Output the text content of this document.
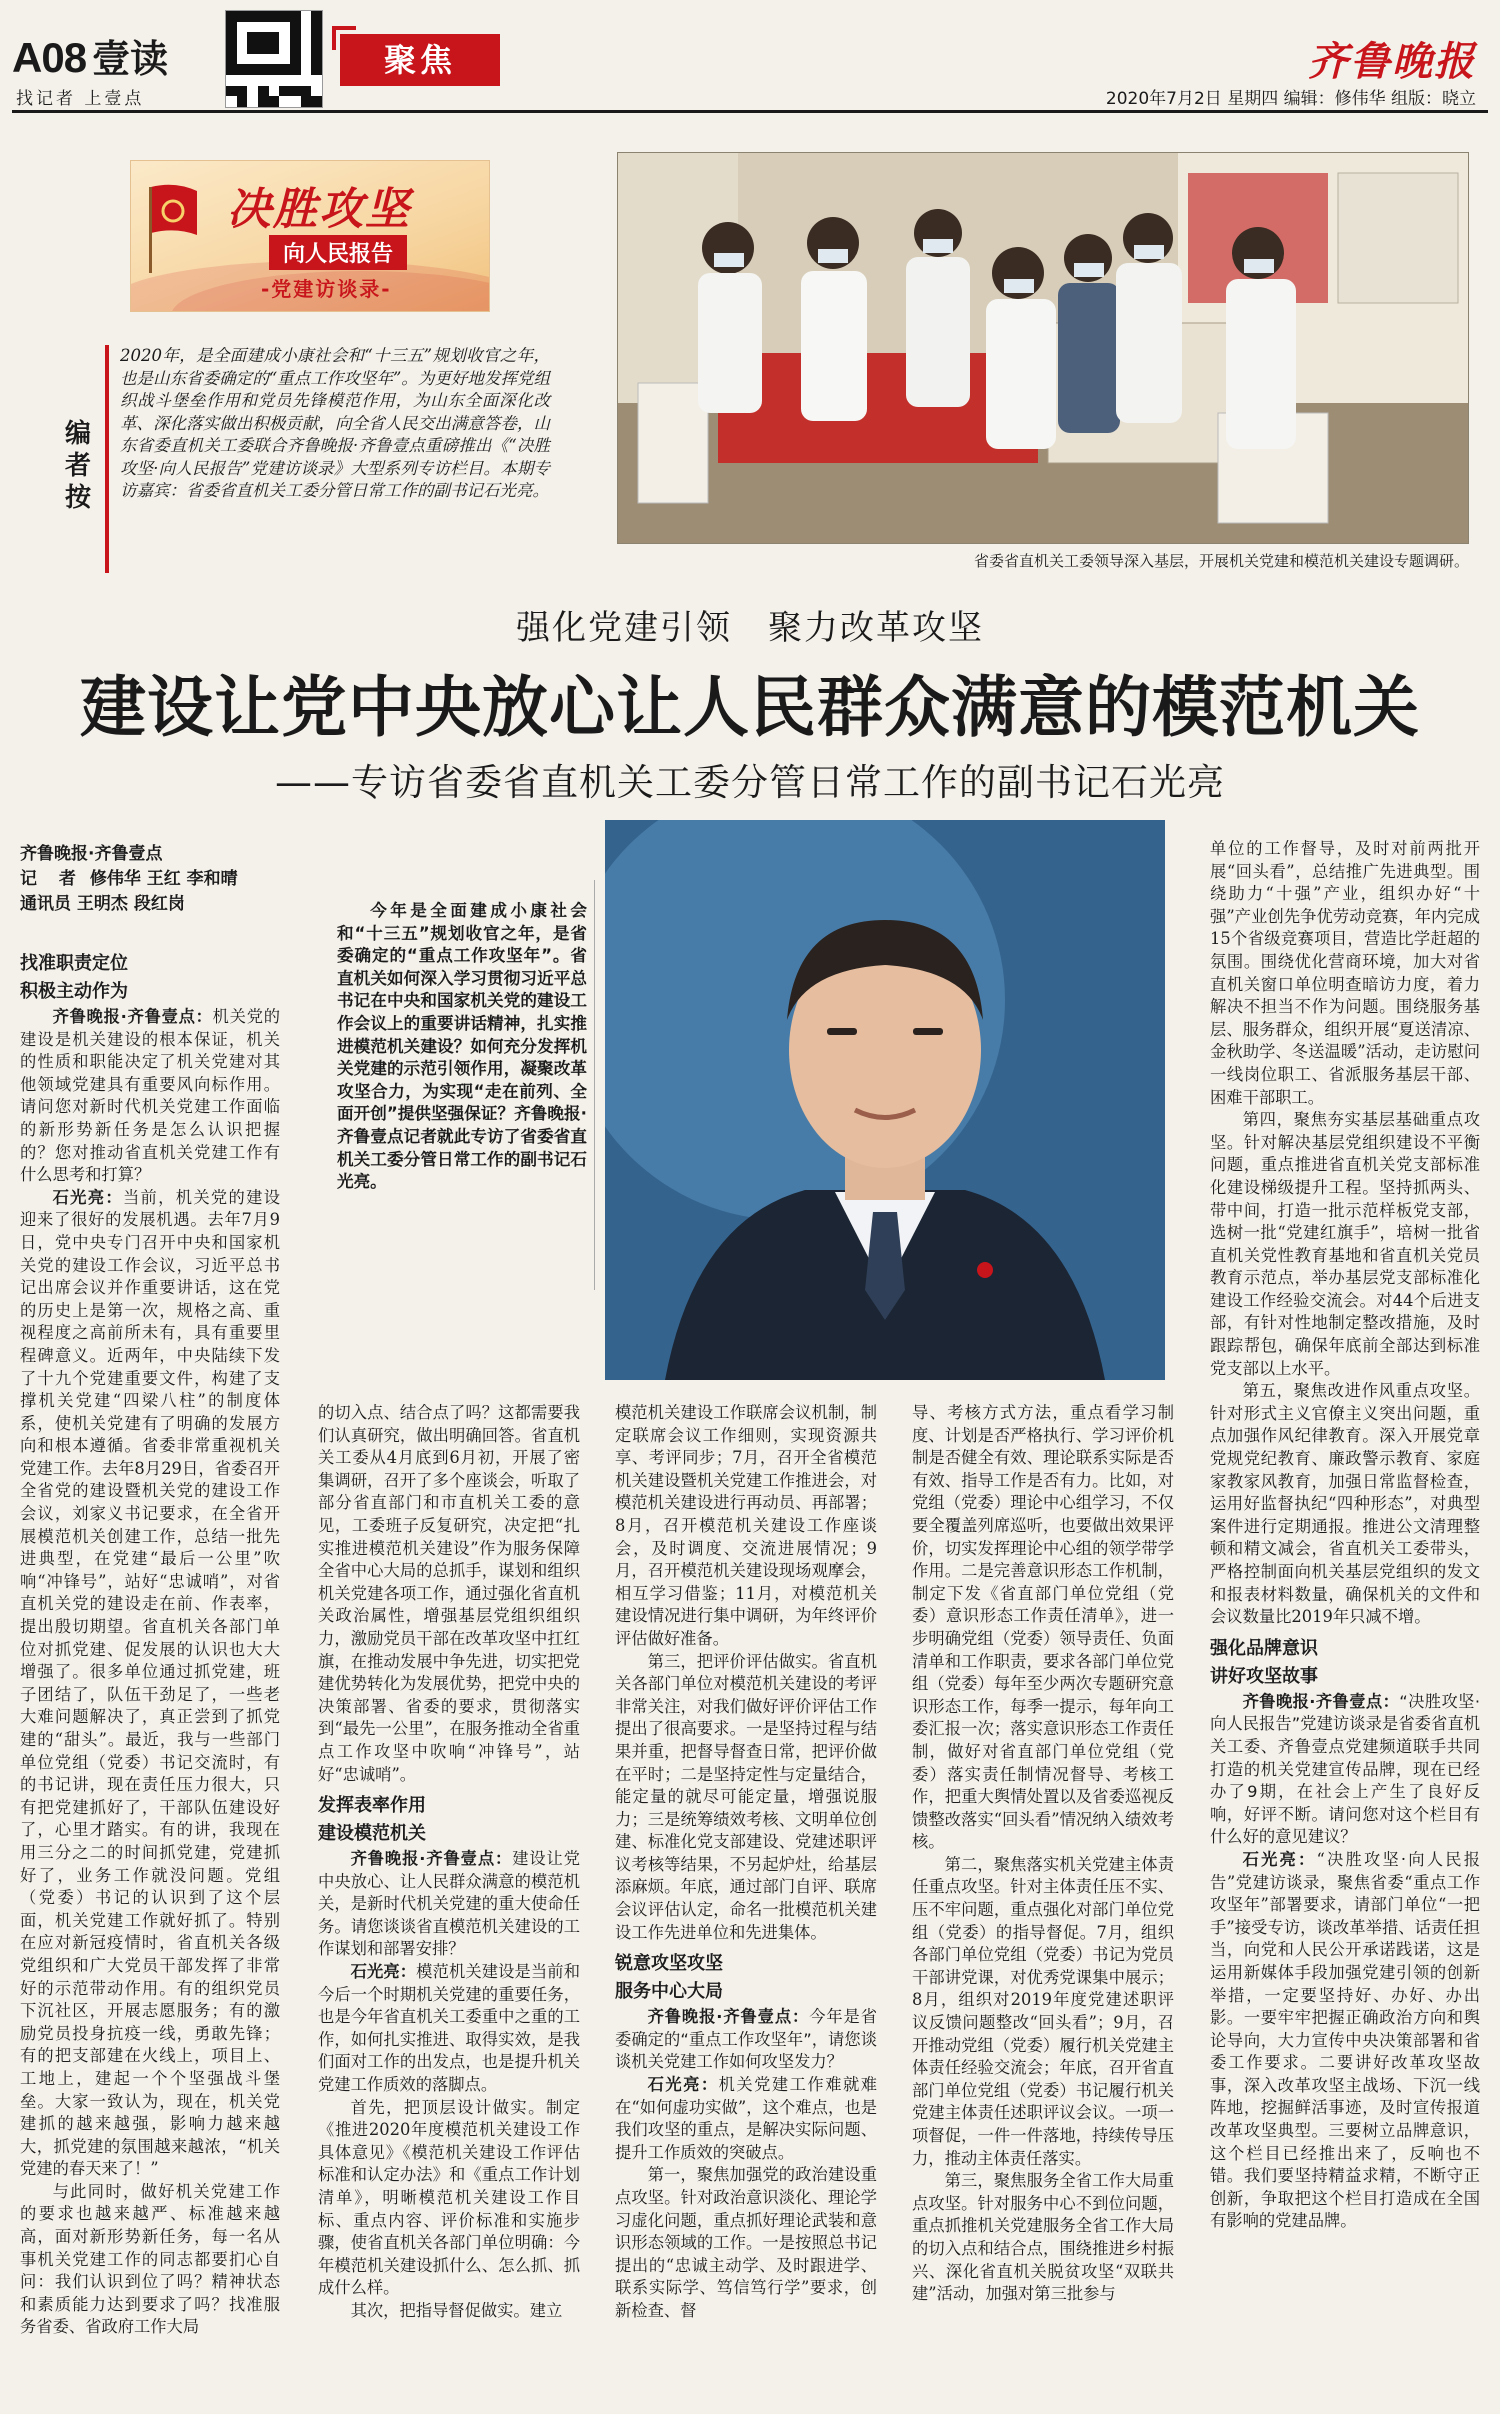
A08 壹读
找记者 上壹点
聚焦	齐鲁晚报
2020年7月2日 星期四 编辑：修伟华 组版：晓立
决胜攻坚
向人民报告
-党建访谈录-
编者按
2020年，是全面建成小康社会和“十三五”规划收官之年，也是山东省委确定的“重点工作攻坚年”。为更好地发挥党组织战斗堡垒作用和党员先锋模范作用，为山东全面深化改革、深化落实做出积极贡献，向全省人民交出满意答卷，山东省委直机关工委联合齐鲁晚报·齐鲁壹点重磅推出《“决胜攻坚·向人民报告”党建访谈录》大型系列专访栏目。本期专访嘉宾：省委省直机关工委分管日常工作的副书记石光亮。
省委省直机关工委领导深入基层，开展机关党建和模范机关建设专题调研。
强化党建引领　聚力改革攻坚
建设让党中央放心让人民群众满意的模范机关
——专访省委省直机关工委分管日常工作的副书记石光亮
齐鲁晚报·齐鲁壹点
记 者 修伟华 王红 李和晴
通讯员 王明杰 段红岗	今年是全面建成小康社会和“十三五”规划收官之年，是省委确定的“重点工作攻坚年”。省直机关如何深入学习贯彻习近平总书记在中央和国家机关党的建设工作会议上的重要讲话精神，扎实推进模范机关建设？如何充分发挥机关党建的示范引领作用，凝聚改革攻坚合力，为实现“走在前列、全面开创”提供坚强保证？齐鲁晚报·齐鲁壹点记者就此专访了省委省直机关工委分管日常工作的副书记石光亮。
找准职责定位
积极主动作为

齐鲁晚报·齐鲁壹点：机关党的建设是机关建设的根本保证，机关的性质和职能决定了机关党建对其他领域党建具有重要风向标作用。请问您对新时代机关党建工作面临的新形势新任务是怎么认识把握的？您对推动省直机关党建工作有什么思考和打算？

石光亮：当前，机关党的建设迎来了很好的发展机遇。去年7月9日，党中央专门召开中央和国家机关党的建设工作会议，习近平总书记出席会议并作重要讲话，这在党的历史上是第一次，规格之高、重视程度之高前所未有，具有重要里程碑意义。近两年，中央陆续下发了十九个党建重要文件，构建了支撑机关党建“四梁八柱”的制度体系，使机关党建有了明确的发展方向和根本遵循。省委非常重视机关党建工作。去年8月29日，省委召开全省党的建设暨机关党的建设工作会议，刘家义书记要求，在全省开展模范机关创建工作，总结一批先进典型，在党建“最后一公里”吹响“冲锋号”，站好“忠诚哨”，对省直机关党的建设走在前、作表率，提出殷切期望。省直机关各部门单位对抓党建、促发展的认识也大大增强了。很多单位通过抓党建，班子团结了，队伍干劲足了，一些老大难问题解决了，真正尝到了抓党建的“甜头”。最近，我与一些部门单位党组（党委）书记交流时，有的书记讲，现在责任压力很大，只有把党建抓好了，干部队伍建设好了，心里才踏实。有的讲，我现在用三分之二的时间抓党建，党建抓好了，业务工作就没问题。党组（党委）书记的认识到了这个层面，机关党建工作就好抓了。特别在应对新冠疫情时，省直机关各级党组织和广大党员干部发挥了非常好的示范带动作用。有的组织党员下沉社区，开展志愿服务；有的激励党员投身抗疫一线，勇敢先锋；有的把支部建在火线上，项目上、工地上，建起一个个坚强战斗堡垒。大家一致认为，现在，机关党建抓的越来越强，影响力越来越大，抓党建的氛围越来越浓，“机关党建的春天来了！”

与此同时，做好机关党建工作的要求也越来越严、标准越来越高，面对新形势新任务，每一名从事机关党建工作的同志都要扪心自问：我们认识到位了吗？精神状态和素质能力达到要求了吗？找准服务省委、省政府工作大局

的切入点、结合点了吗？这都需要我们认真研究，做出明确回答。省直机关工委从4月底到6月初，开展了密集调研，召开了多个座谈会，听取了部分省直部门和市直机关工委的意见，工委班子反复研究，决定把“扎实推进模范机关建设”作为服务保障全省中心大局的总抓手，谋划和组织机关党建各项工作，通过强化省直机关政治属性，增强基层党组织组织力，激励党员干部在改革攻坚中扛红旗，在推动发展中争先进，切实把党建优势转化为发展优势，把党中央的决策部署、省委的要求，贯彻落实到“最先一公里”，在服务推动全省重点工作攻坚中吹响“冲锋号”，站好“忠诚哨”。

发挥表率作用
建设模范机关

齐鲁晚报·齐鲁壹点：建设让党中央放心、让人民群众满意的模范机关，是新时代机关党建的重大使命任务。请您谈谈省直模范机关建设的工作谋划和部署安排？

石光亮：模范机关建设是当前和今后一个时期机关党建的重要任务，也是今年省直机关工委重中之重的工作，如何扎实推进、取得实效，是我们面对工作的出发点，也是提升机关党建工作质效的落脚点。

首先，把顶层设计做实。制定《推进2020年度模范机关建设工作具体意见》《模范机关建设工作评估标准和认定办法》和《重点工作计划清单》，明晰模范机关建设工作目标、重点内容、评价标准和实施步骤，使省直机关各部门单位明确：今年模范机关建设抓什么、怎么抓、抓成什么样。

其次，把指导督促做实。建立

模范机关建设工作联席会议机制，制定联席会议工作细则，实现资源共享、考评同步；7月，召开全省模范机关建设暨机关党建工作推进会，对模范机关建设进行再动员、再部署；8月，召开模范机关建设工作座谈会，及时调度、交流进展情况；9月，召开模范机关建设现场观摩会，相互学习借鉴；11月，对模范机关建设情况进行集中调研，为年终评价评估做好准备。

第三，把评价评估做实。省直机关各部门单位对模范机关建设的考评非常关注，对我们做好评价评估工作提出了很高要求。一是坚持过程与结果并重，把督导督查日常，把评价做在平时；二是坚持定性与定量结合，能定量的就尽可能定量，增强说服力；三是统筹绩效考核、文明单位创建、标准化党支部建设、党建述职评议考核等结果，不另起炉灶，给基层添麻烦。年底，通过部门自评、联席会议评估认定，命名一批模范机关建设工作先进单位和先进集体。

锐意攻坚攻坚
服务中心大局

齐鲁晚报·齐鲁壹点：今年是省委确定的“重点工作攻坚年”，请您谈谈机关党建工作如何攻坚发力？

石光亮：机关党建工作难就难在“如何虚功实做”，这个难点，也是我们攻坚的重点，是解决实际问题、提升工作质效的突破点。

第一，聚焦加强党的政治建设重点攻坚。针对政治意识淡化、理论学习虚化问题，重点抓好理论武装和意识形态领域的工作。一是按照总书记提出的“忠诚主动学、及时跟进学、联系实际学、笃信笃行学”要求，创新检查、督

导、考核方式方法，重点看学习制度、计划是否严格执行、学习评价机制是否健全有效、理论联系实际是否有效、指导工作是否有力。比如，对党组（党委）理论中心组学习，不仅要全覆盖列席巡听，也要做出效果评价，切实发挥理论中心组的领学带学作用。二是完善意识形态工作机制，制定下发《省直部门单位党组（党委）意识形态工作责任清单》，进一步明确党组（党委）领导责任、负面清单和工作职责，要求各部门单位党组（党委）每年至少两次专题研究意识形态工作，每季一提示，每年向工委汇报一次；落实意识形态工作责任制，做好对省直部门单位党组（党委）落实责任制情况督导、考核工作，把重大舆情处置以及省委巡视反馈整改落实“回头看”情况纳入绩效考核。

第二，聚焦落实机关党建主体责任重点攻坚。针对主体责任压不实、压不牢问题，重点强化对部门单位党组（党委）的指导督促。7月，组织各部门单位党组（党委）书记为党员干部讲党课，对优秀党课集中展示；8月，组织对2019年度党建述职评议反馈问题整改“回头看”；9月，召开推动党组（党委）履行机关党建主体责任经验交流会；年底，召开省直部门单位党组（党委）书记履行机关党建主体责任述职评议会议。一项一项督促，一件一件落地，持续传导压力，推动主体责任落实。

第三，聚焦服务全省工作大局重点攻坚。针对服务中心不到位问题，重点抓推机关党建服务全省工作大局的切入点和结合点，围绕推进乡村振兴、深化省直机关脱贫攻坚“双联共建”活动，加强对第三批参与

单位的工作督导，及时对前两批开展“回头看”，总结推广先进典型。围绕助力“十强”产业，组织办好“十强”产业创先争优劳动竞赛，年内完成15个省级竞赛项目，营造比学赶超的氛围。围绕优化营商环境，加大对省直机关窗口单位明查暗访力度，着力解决不担当不作为问题。围绕服务基层、服务群众，组织开展“夏送清凉、金秋助学、冬送温暖”活动，走访慰问一线岗位职工、省派服务基层干部、困难干部职工。

第四，聚焦夯实基层基础重点攻坚。针对解决基层党组织建设不平衡问题，重点推进省直机关党支部标准化建设梯级提升工程。坚持抓两头、带中间，打造一批示范样板党支部，选树一批“党建红旗手”，培树一批省直机关党性教育基地和省直机关党员教育示范点，举办基层党支部标准化建设工作经验交流会。对44个后进支部，有针对性地制定整改措施，及时跟踪帮包，确保年底前全部达到标准党支部以上水平。

第五，聚焦改进作风重点攻坚。针对形式主义官僚主义突出问题，重点加强作风纪律教育。深入开展党章党规党纪教育、廉政警示教育、家庭家教家风教育，加强日常监督检查，运用好监督执纪“四种形态”，对典型案件进行定期通报。推进公文清理整顿和精文减会，省直机关工委带头，严格控制面向机关基层党组织的发文和报表材料数量，确保机关的文件和会议数量比2019年只减不增。

强化品牌意识
讲好攻坚故事

齐鲁晚报·齐鲁壹点：“决胜攻坚·向人民报告”党建访谈录是省委省直机关工委、齐鲁壹点党建频道联手共同打造的机关党建宣传品牌，现在已经办了9期，在社会上产生了良好反响，好评不断。请问您对这个栏目有什么好的意见建议？

石光亮：“决胜攻坚·向人民报告”党建访谈录，聚焦省委“重点工作攻坚年”部署要求，请部门单位“一把手”接受专访，谈改革举措、话责任担当，向党和人民公开承诺践诺，这是运用新媒体手段加强党建引领的创新举措，一定要坚持好、办好、办出影。一要牢牢把握正确政治方向和舆论导向，大力宣传中央决策部署和省委工作要求。二要讲好改革攻坚故事，深入改革攻坚主战场、下沉一线阵地，挖掘鲜活事迹，及时宣传报道改革攻坚典型。三要树立品牌意识，这个栏目已经推出来了，反响也不错。我们要坚持精益求精，不断守正创新，争取把这个栏目打造成在全国有影响的党建品牌。
